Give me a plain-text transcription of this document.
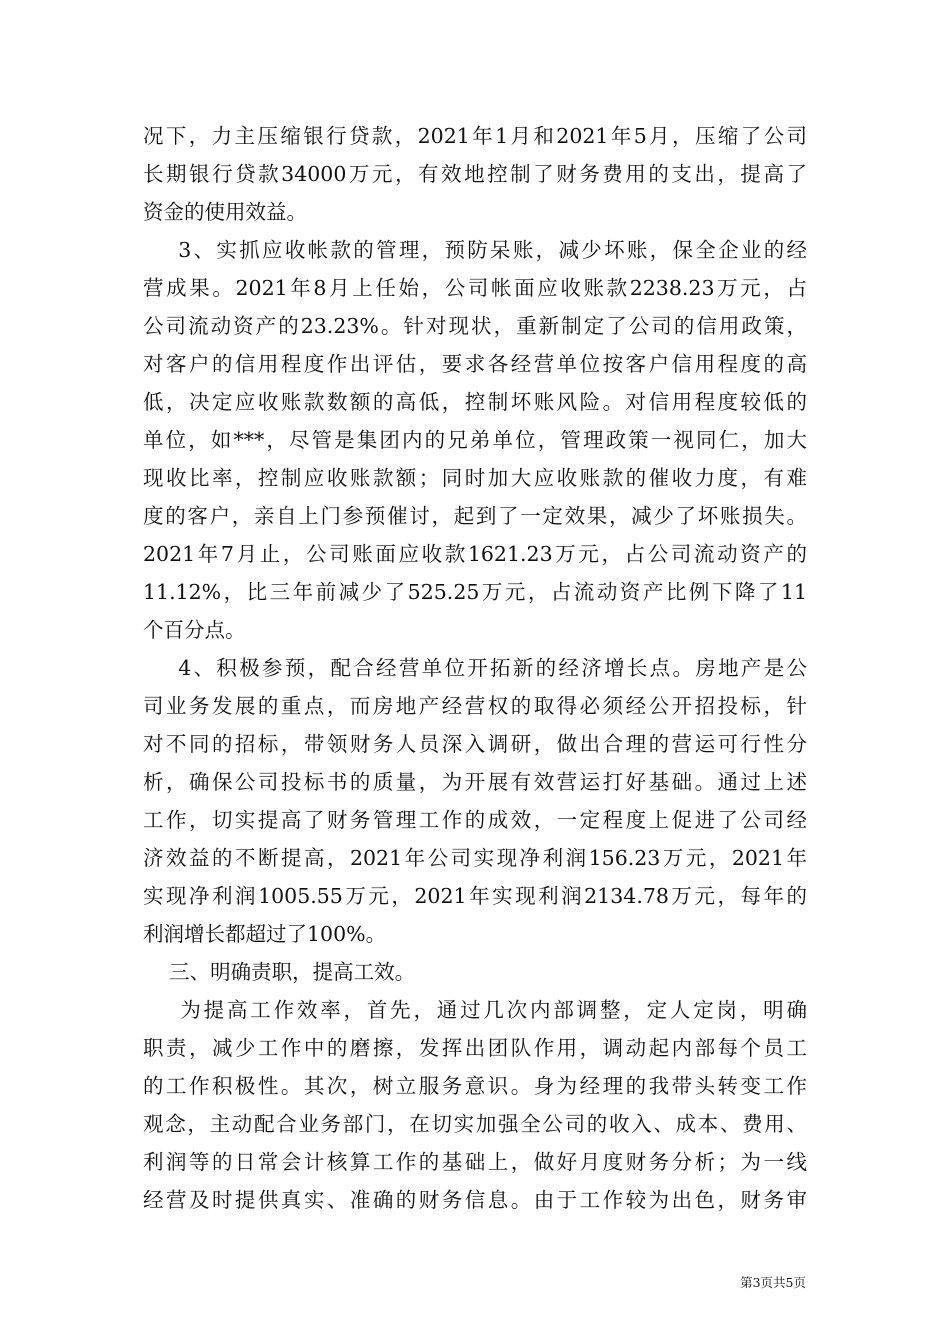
况下，力主压缩银行贷款，2021年1月和2021年5月，压缩了公司
长期银行贷款34000万元，有效地控制了财务费用的支出，提高了
资金的使用效益。
3、实抓应收帐款的管理，预防呆账，减少坏账，保全企业的经
营成果。2021年8月上任始，公司帐面应收账款2238.23万元，占
公司流动资产的23.23%。针对现状，重新制定了公司的信用政策，
对客户的信用程度作出评估，要求各经营单位按客户信用程度的高
低，决定应收账款数额的高低，控制坏账风险。对信用程度较低的
单位，如***，尽管是集团内的兄弟单位，管理政策一视同仁，加大
现收比率，控制应收账款额；同时加大应收账款的催收力度，有难
度的客户，亲自上门参预催讨，起到了一定效果，减少了坏账损失。
2021年7月止，公司账面应收款1621.23万元，占公司流动资产的
11.12%，比三年前减少了525.25万元，占流动资产比例下降了11
个百分点。
4、积极参预，配合经营单位开拓新的经济增长点。房地产是公
司业务发展的重点，而房地产经营权的取得必须经公开招投标，针
对不同的招标，带领财务人员深入调研，做出合理的营运可行性分
析，确保公司投标书的质量，为开展有效营运打好基础。通过上述
工作，切实提高了财务管理工作的成效，一定程度上促进了公司经
济效益的不断提高，2021年公司实现净利润156.23万元，2021年
实现净利润1005.55万元，2021年实现利润2134.78万元，每年的
利润增长都超过了100%。
三、明确责职，提高工效。
为提高工作效率，首先，通过几次内部调整，定人定岗，明确
职责，减少工作中的磨擦，发挥出团队作用，调动起内部每个员工
的工作积极性。其次，树立服务意识。身为经理的我带头转变工作
观念，主动配合业务部门，在切实加强全公司的收入、成本、费用、
利润等的日常会计核算工作的基础上，做好月度财务分析；为一线
经营及时提供真实、准确的财务信息。由于工作较为出色，财务审
第3页共5页
